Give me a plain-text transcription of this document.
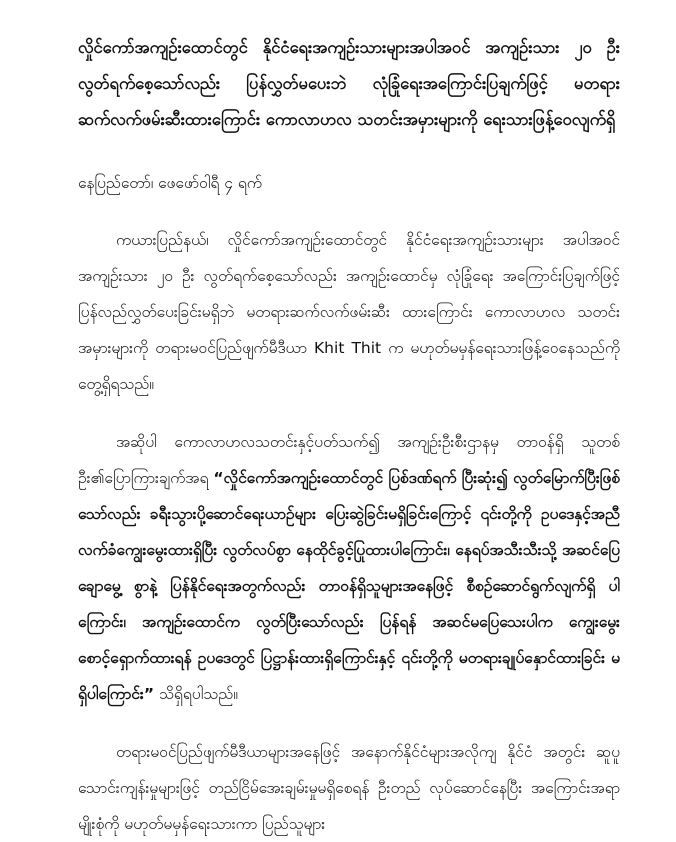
လှိုင်ကော်အကျဉ်းထောင်တွင် နိုင်ငံရေးအကျဉ်းသားများအပါအဝင် အကျဉ်းသား ၂၀ ဦး လွတ်ရက်စေ့သော်လည်း ပြန်လွှတ်မပေးဘဲ လုံခြုံရေးအကြောင်းပြချက်ဖြင့် မတရားဆက်လက်ဖမ်းဆီးထားကြောင်း ကောလာဟလ သတင်းအမှားများကို ရေးသားဖြန့်ဝေလျက်ရှိ

နေပြည်တော်၊ ဖေဖော်ဝါရီ ၄ ရက်

ကယားပြည်နယ်၊ လှိုင်ကော်အကျဉ်းထောင်တွင် နိုင်ငံရေးအကျဉ်းသားများ အပါအဝင် အကျဉ်းသား ၂၀ ဦး လွတ်ရက်စေ့သော်လည်း အကျဉ်းထောင်မှ လုံခြုံရေး အကြောင်းပြချက်ဖြင့် ပြန်လည်လွှတ်ပေးခြင်းမရှိဘဲ မတရားဆက်လက်ဖမ်းဆီး ထားကြောင်း ကောလာဟလ သတင်းအမှားများကို တရားမဝင်ပြည်ဖျက်မီဒီယာ Khit Thit က မဟုတ်မမှန်ရေးသားဖြန့်ဝေနေသည်ကို တွေ့ရှိရသည်။

အဆိုပါ ကောလာဟလသတင်းနှင့်ပတ်သက်၍ အကျဉ်းဦးစီးဌာနမှ တာဝန်ရှိ သူတစ်ဦး၏ပြောကြားချက်အရ “လှိုင်ကော်အကျဉ်းထောင်တွင် ပြစ်ဒဏ်ရက် ပြီးဆုံး၍ လွတ်မြောက်ပြီးဖြစ်သော်လည်း ခရီးသွားပို့ဆောင်ရေးယာဉ်များ ပြေးဆွဲခြင်းမရှိခြင်းကြောင့် ၎င်းတို့ကို ဥပဒေနှင့်အညီ လက်ခံကျွေးမွေးထားရှိပြီး လွတ်လပ်စွာ နေထိုင်ခွင့်ပြုထားပါကြောင်း၊ နေရပ်အသီးသီးသို့ အဆင်ပြေ ချောမွေ့ စွာနဲ့ ပြန်နိုင်ရေးအတွက်လည်း တာဝန်ရှိသူများအနေဖြင့် စီစဉ်ဆောင်ရွက်လျက်ရှိ ပါကြောင်း၊ အကျဉ်းထောင်က လွတ်ပြီးသော်လည်း ပြန်ရန် အဆင်မပြေသေးပါက ကျွေးမွေးစောင့်ရှောက်ထားရန် ဥပဒေတွင် ပြဋ္ဌာန်းထားရှိကြောင်းနှင့် ၎င်းတို့ကို မတရားချုပ်နှောင်ထားခြင်း မရှိပါကြောင်း” သိရှိရပါသည်။

တရားမဝင်ပြည်ဖျက်မီဒီယာများအနေဖြင့် အနောက်နိုင်ငံများအလိုကျ နိုင်ငံ အတွင်း ဆူပူသောင်းကျန်းမှုများဖြင့် တည်ငြိမ်အေးချမ်းမှုမရှိစေရန် ဦးတည် လုပ်ဆောင်နေပြီး အကြောင်းအရာမျိုးစုံကို မဟုတ်မမှန်ရေးသားကာ ပြည်သူများ
